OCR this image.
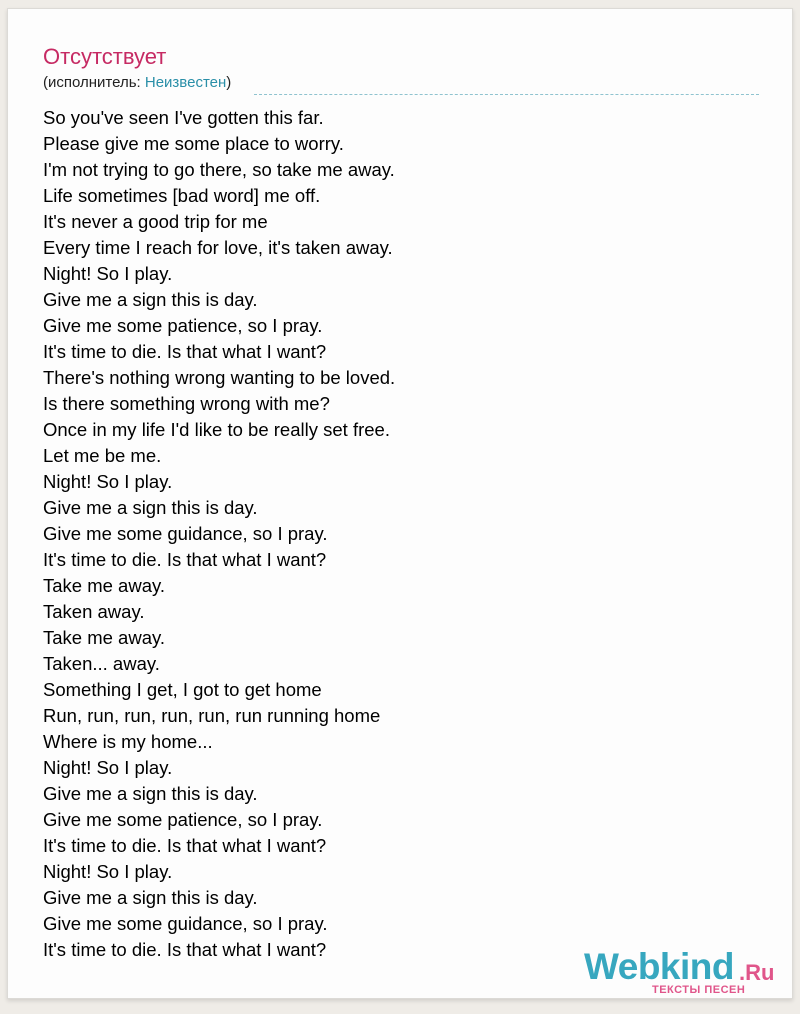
Отсутствует
(исполнитель: Неизвестен)
So you've seen I've gotten this far.
Please give me some place to worry.
I'm not trying to go there, so take me away.
Life sometimes [bad word] me off.
It's never a good trip for me
Every time I reach for love, it's taken away.
Night! So I play.
Give me a sign this is day.
Give me some patience, so I pray.
It's time to die. Is that what I want?
There's nothing wrong wanting to be loved.
Is there something wrong with me?
Once in my life I'd like to be really set free.
Let me be me.
Night! So I play.
Give me a sign this is day.
Give me some guidance, so I pray.
It's time to die. Is that what I want?
Take me away.
Taken away.
Take me away.
Taken... away.
Something I get, I got to get home
Run, run, run, run, run, run running home
Where is my home...
Night! So I play.
Give me a sign this is day.
Give me some patience, so I pray.
It's time to die. Is that what I want?
Night! So I play.
Give me a sign this is day.
Give me some guidance, so I pray.
It's time to die. Is that what I want?	Webkind .Ru
ТЕКСТЫ ПЕСЕН
